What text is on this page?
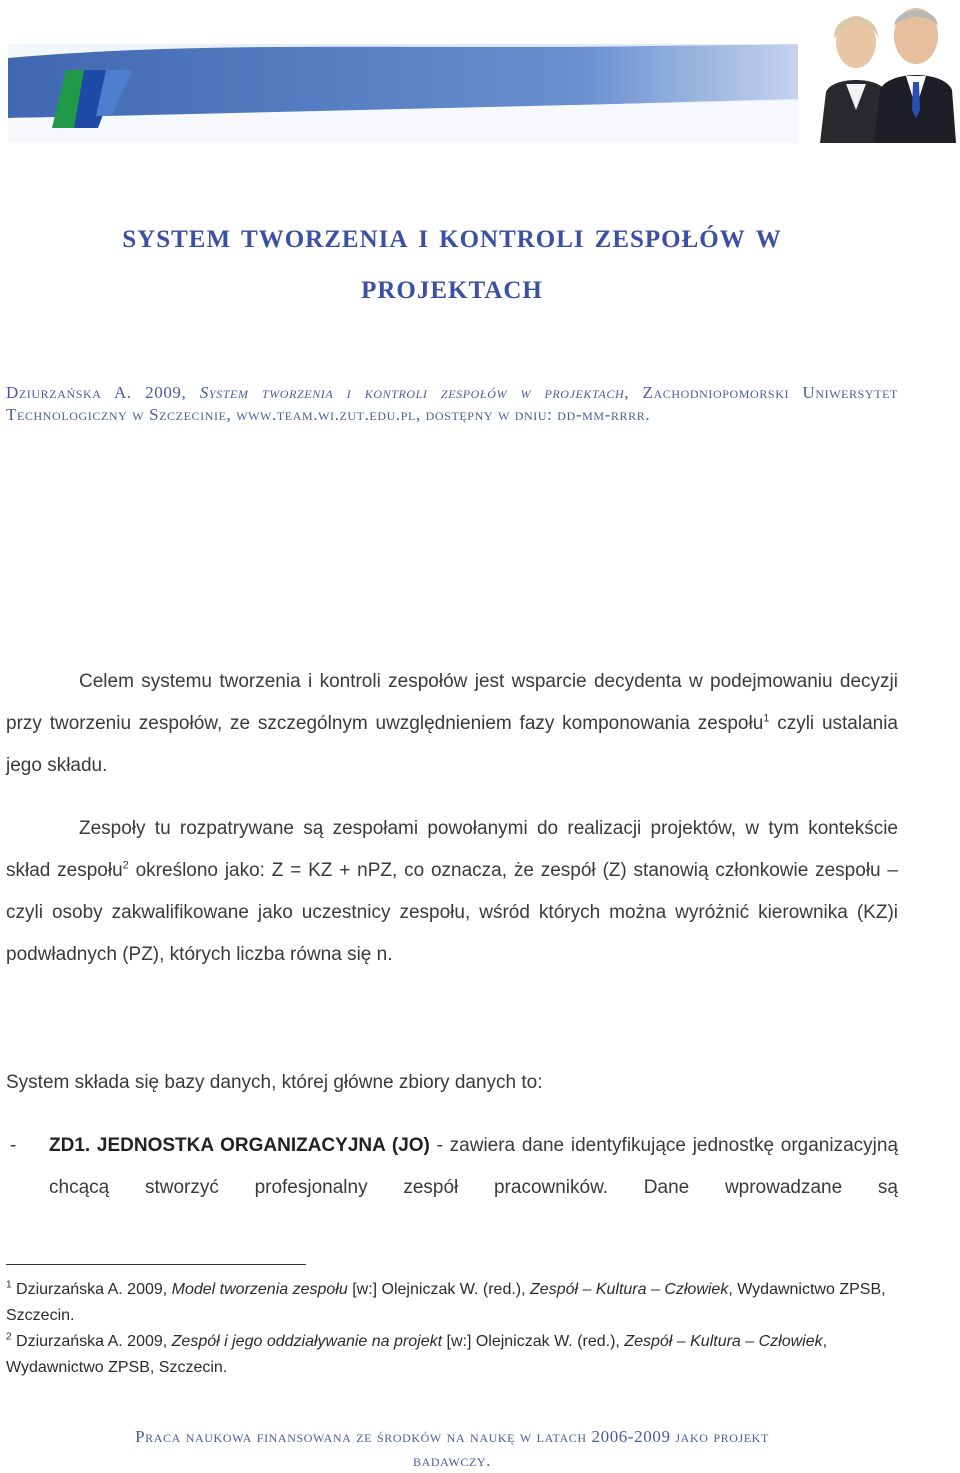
system tworzenia i kontroli zespołów w
projektach
Dziurzańska A. 2009, System tworzenia i kontroli zespołów w projektach, Zachodniopomorski Uniwersytet Technologiczny w Szczecinie, www.team.wi.zut.edu.pl, dostępny w dniu: dd-mm-rrrr.
Celem systemu tworzenia i kontroli zespołów jest wsparcie decydenta w podejmowaniu decyzji przy tworzeniu zespołów, ze szczególnym uwzględnieniem fazy komponowania zespołu$^1$ czyli ustalania jego składu.
Zespoły tu rozpatrywane są zespołami powołanymi do realizacji projektów, w tym kontekście skład zespołu$^2$ określono jako: Z = KZ + nPZ, co oznacza, że zespół (Z) stanowią członkowie zespołu – czyli osoby zakwalifikowane jako uczestnicy zespołu, wśród których można wyróżnić kierownika (KZ)i podwładnych (PZ), których liczba równa się n.
System składa się bazy danych, której główne zbiory danych to:
- ZD1. JEDNOSTKA ORGANIZACYJNA (JO) - zawiera dane identyfikujące jednostkę organizacyjną chcącą stworzyć profesjonalny zespół pracowników. Dane wprowadzane są

$^1$ Dziurzańska A. 2009, Model tworzenia zespołu [w:] Olejniczak W. (red.), Zespół – Kultura – Człowiek, Wydawnictwo ZPSB, Szczecin.

$^2$ Dziurzańska A. 2009, Zespół i jego oddziaływanie na projekt [w:] Olejniczak W. (red.), Zespół – Kultura – Człowiek, Wydawnictwo ZPSB, Szczecin.

Praca naukowa finansowana ze środków na naukę w latach 2006-2009 jako projekt
badawczy.
